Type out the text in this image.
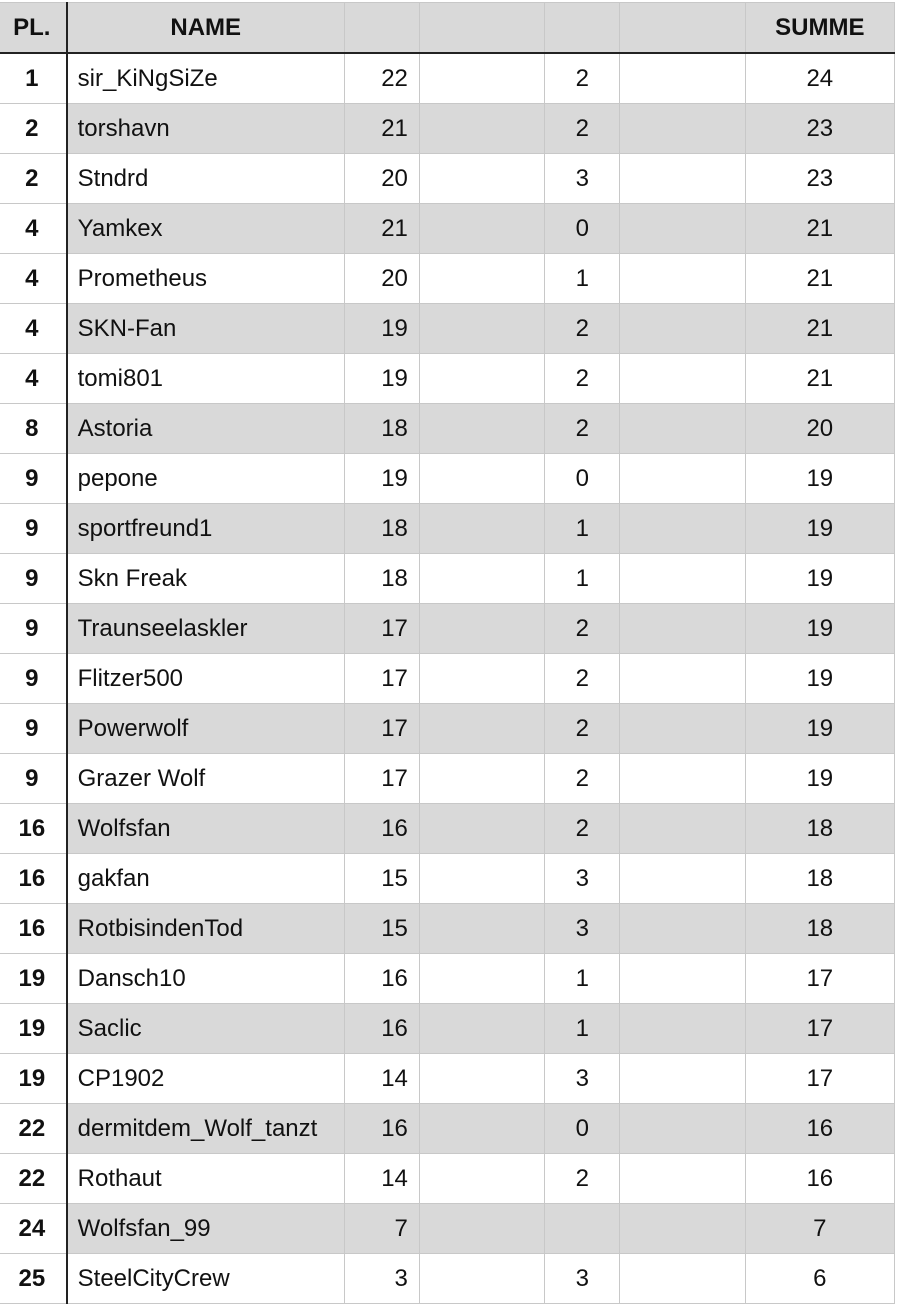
PL.	NAME					SUMME
1	sir_KiNgSiZe	22		2		24
2	torshavn	21		2		23
2	Stndrd	20		3		23
4	Yamkex	21		0		21
4	Prometheus	20		1		21
4	SKN-Fan	19		2		21
4	tomi801	19		2		21
8	Astoria	18		2		20
9	pepone	19		0		19
9	sportfreund1	18		1		19
9	Skn Freak	18		1		19
9	Traunseelaskler	17		2		19
9	Flitzer500	17		2		19
9	Powerwolf	17		2		19
9	Grazer Wolf	17		2		19
16	Wolfsfan	16		2		18
16	gakfan	15		3		18
16	RotbisindenTod	15		3		18
19	Dansch10	16		1		17
19	Saclic	16		1		17
19	CP1902	14		3		17
22	dermitdem_Wolf_tanzt	16		0		16
22	Rothaut	14		2		16
24	Wolfsfan_99	7				7
25	SteelCityCrew	3		3		6
